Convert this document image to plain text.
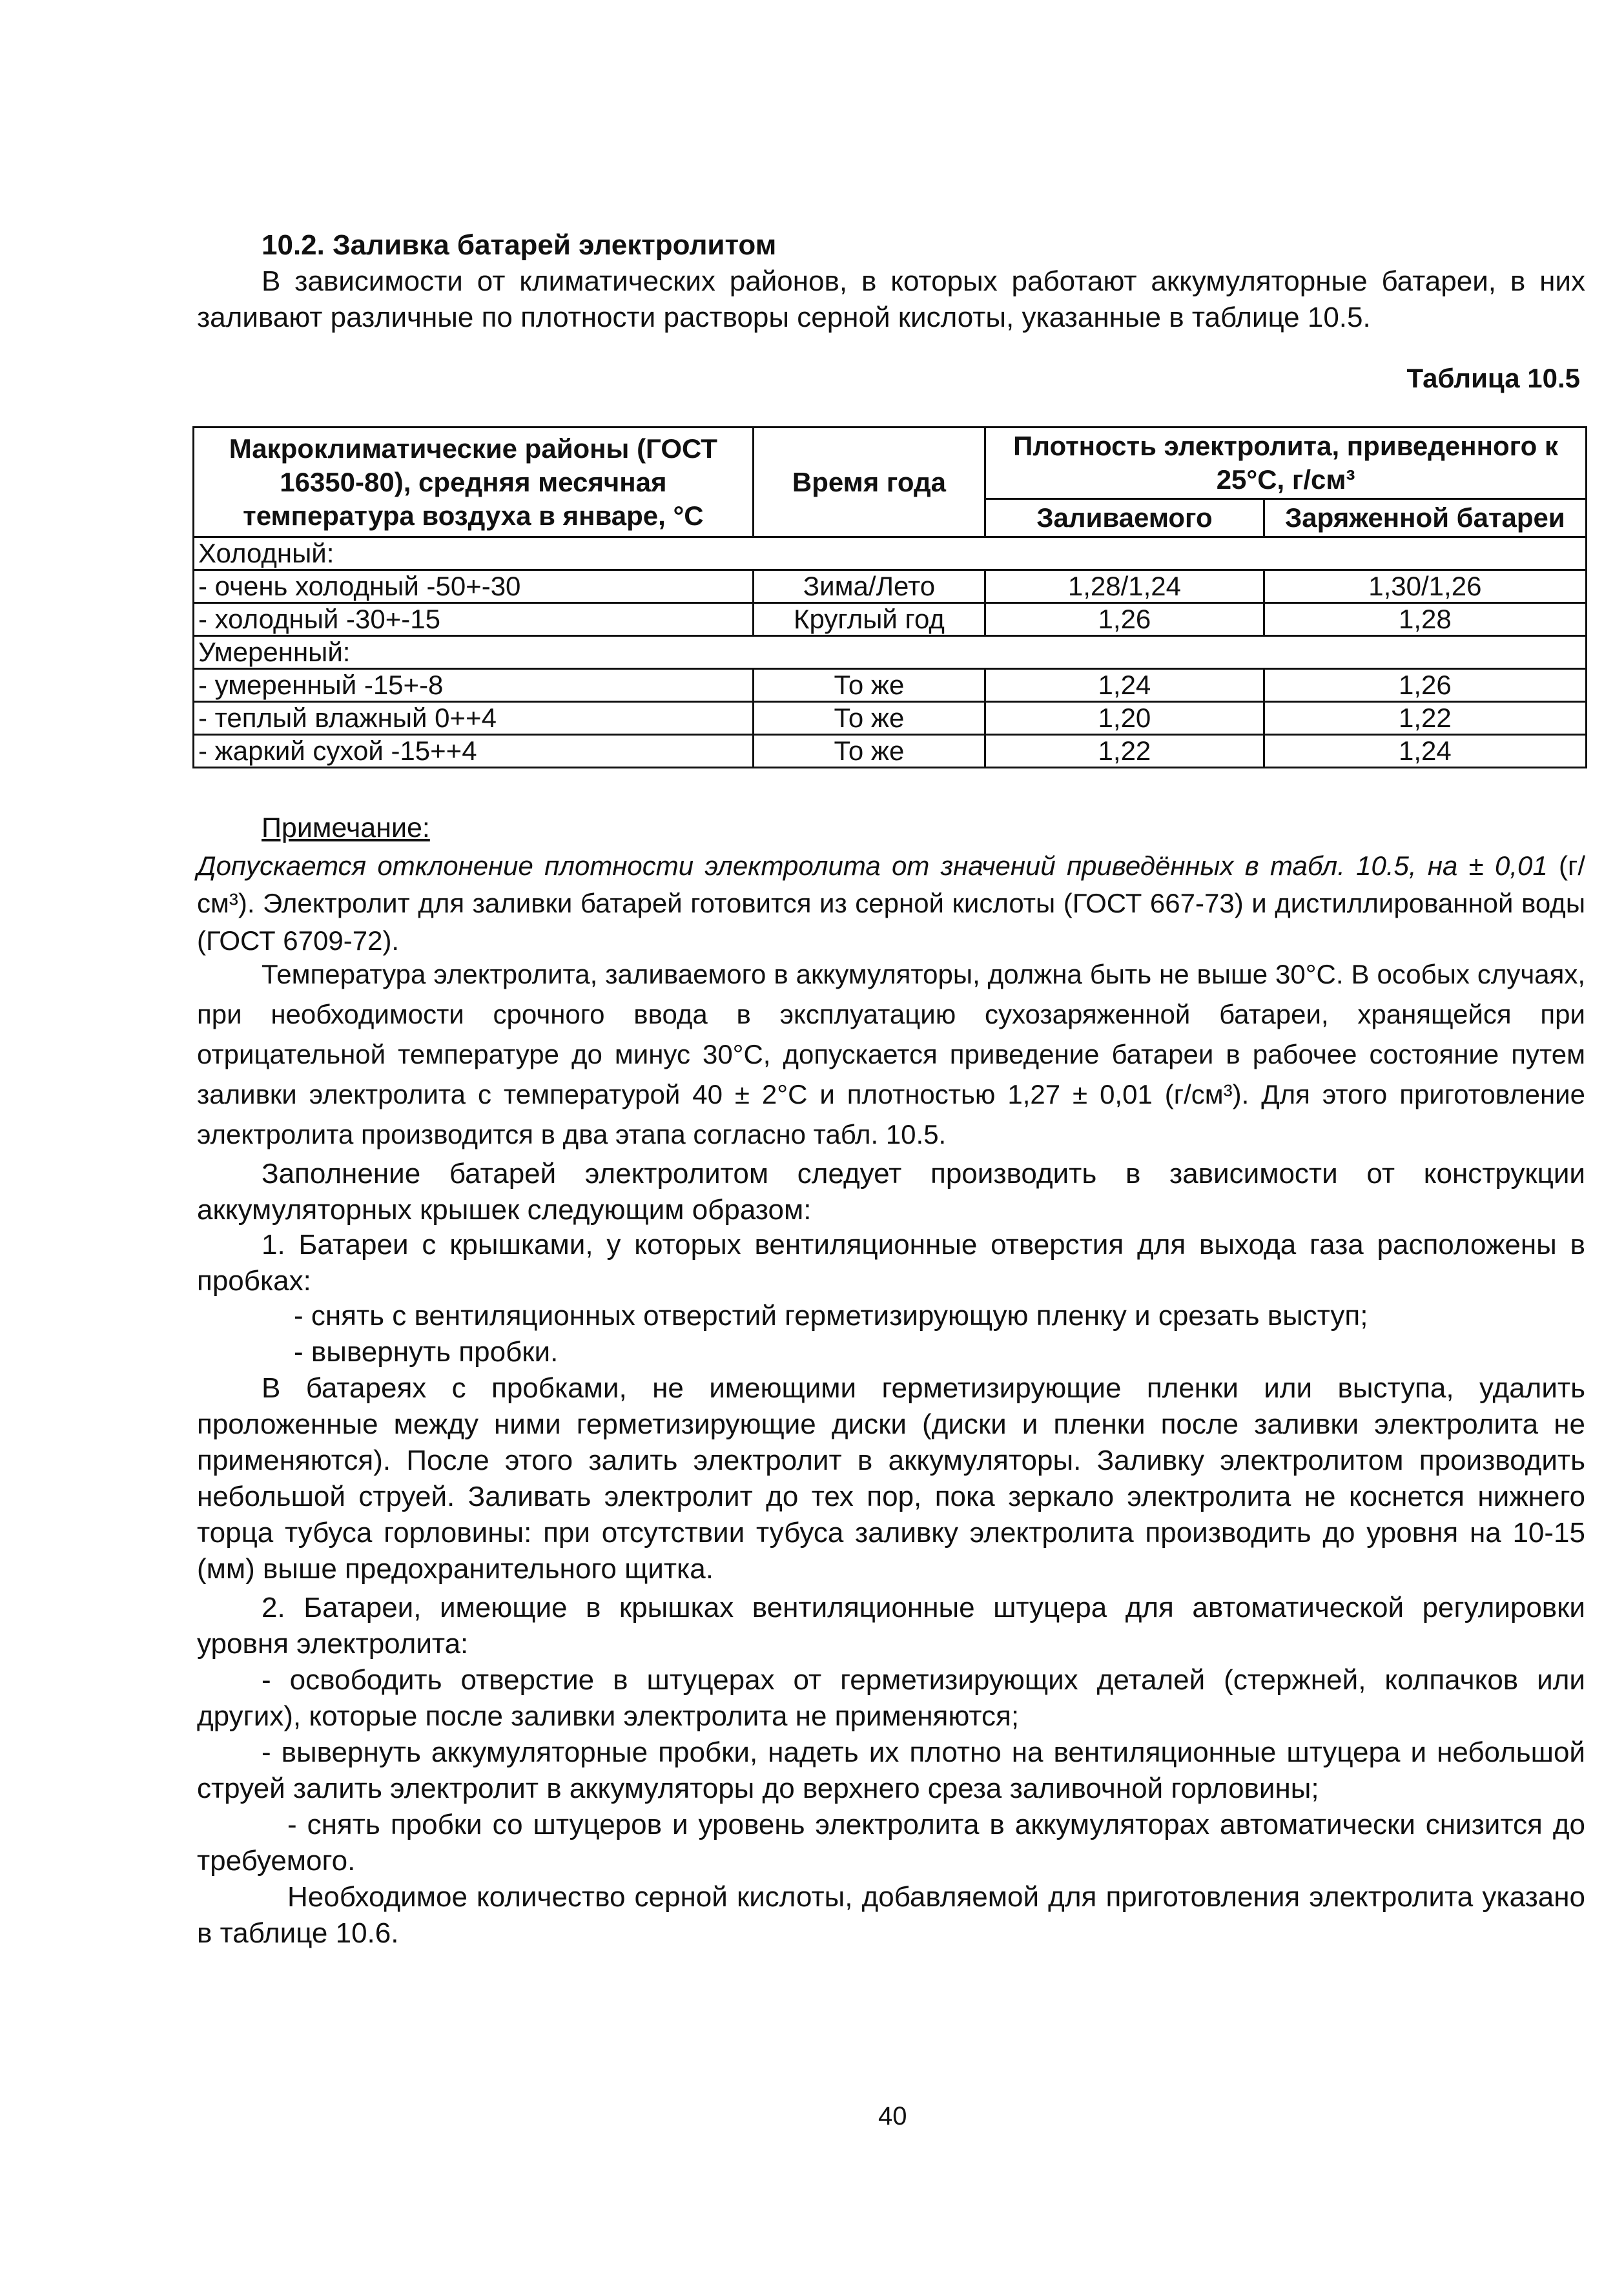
10.2. Заливка батарей электролитом
В зависимости от климатических районов, в которых работают аккумуляторные батареи, в них заливают различные по плотности растворы серной кислоты, указанные в таблице 10.5.
Таблица 10.5
Макроклиматические районы (ГОСТ 16350-80), средняя месячная температура воздуха в январе, °С	Время года	Плотность электролита, приведенного к 25°С, г/см³	
		Заливаемого	Заряженной батареи
Холодный:			
- очень холодный -50+-30	Зима/Лето	1,28/1,24	1,30/1,26
- холодный -30+-15	Круглый год	1,26	1,28
Умеренный:			
- умеренный -15+-8	То же	1,24	1,26
- теплый влажный 0++4	То же	1,20	1,22
- жаркий сухой -15++4	То же	1,22	1,24
Примечание:
Допускается отклонение плотности электролита от значений приведённых в табл. 10.5, на ± 0,01 (г/см³). Электролит для заливки батарей готовится из серной кислоты (ГОСТ 667-73) и дистиллированной воды (ГОСТ 6709-72).
Температура электролита, заливаемого в аккумуляторы, должна быть не выше 30°С. В особых случаях, при необходимости срочного ввода в эксплуатацию сухозаряженной батареи, хранящейся при отрицательной температуре до минус 30°С, допускается приведение батареи в рабочее состояние путем заливки электролита с температурой 40 ± 2°С и плотностью 1,27 ± 0,01 (г/см³). Для этого приготовление электролита производится в два этапа согласно табл. 10.5.
Заполнение батарей электролитом следует производить в зависимости от конструкции аккумуляторных крышек следующим образом:
1. Батареи с крышками, у которых вентиляционные отверстия для выхода газа расположены в пробках:
- снять с вентиляционных отверстий герметизирующую пленку и срезать выступ;
- вывернуть пробки.
В батареях с пробками, не имеющими герметизирующие пленки или выступа, удалить проложенные между ними герметизирующие диски (диски и пленки после заливки электролита не применяются). После этого залить электролит в аккумуляторы. Заливку электролитом производить небольшой струей. Заливать электролит до тех пор, пока зеркало электролита не коснется нижнего торца тубуса горловины: при отсутствии тубуса заливку электролита производить до уровня на 10-15 (мм) выше предохранительного щитка.
2. Батареи, имеющие в крышках вентиляционные штуцера для автоматической регулировки уровня электролита:
- освободить отверстие в штуцерах от герметизирующих деталей (стержней, колпачков или других), которые после заливки электролита не применяются;
- вывернуть аккумуляторные пробки, надеть их плотно на вентиляционные штуцера и небольшой струей залить электролит в аккумуляторы до верхнего среза заливочной горловины;
- снять пробки со штуцеров и уровень электролита в аккумуляторах автоматически снизится до требуемого.
Необходимое количество серной кислоты, добавляемой для приготовления электролита указано в таблице 10.6.
40
